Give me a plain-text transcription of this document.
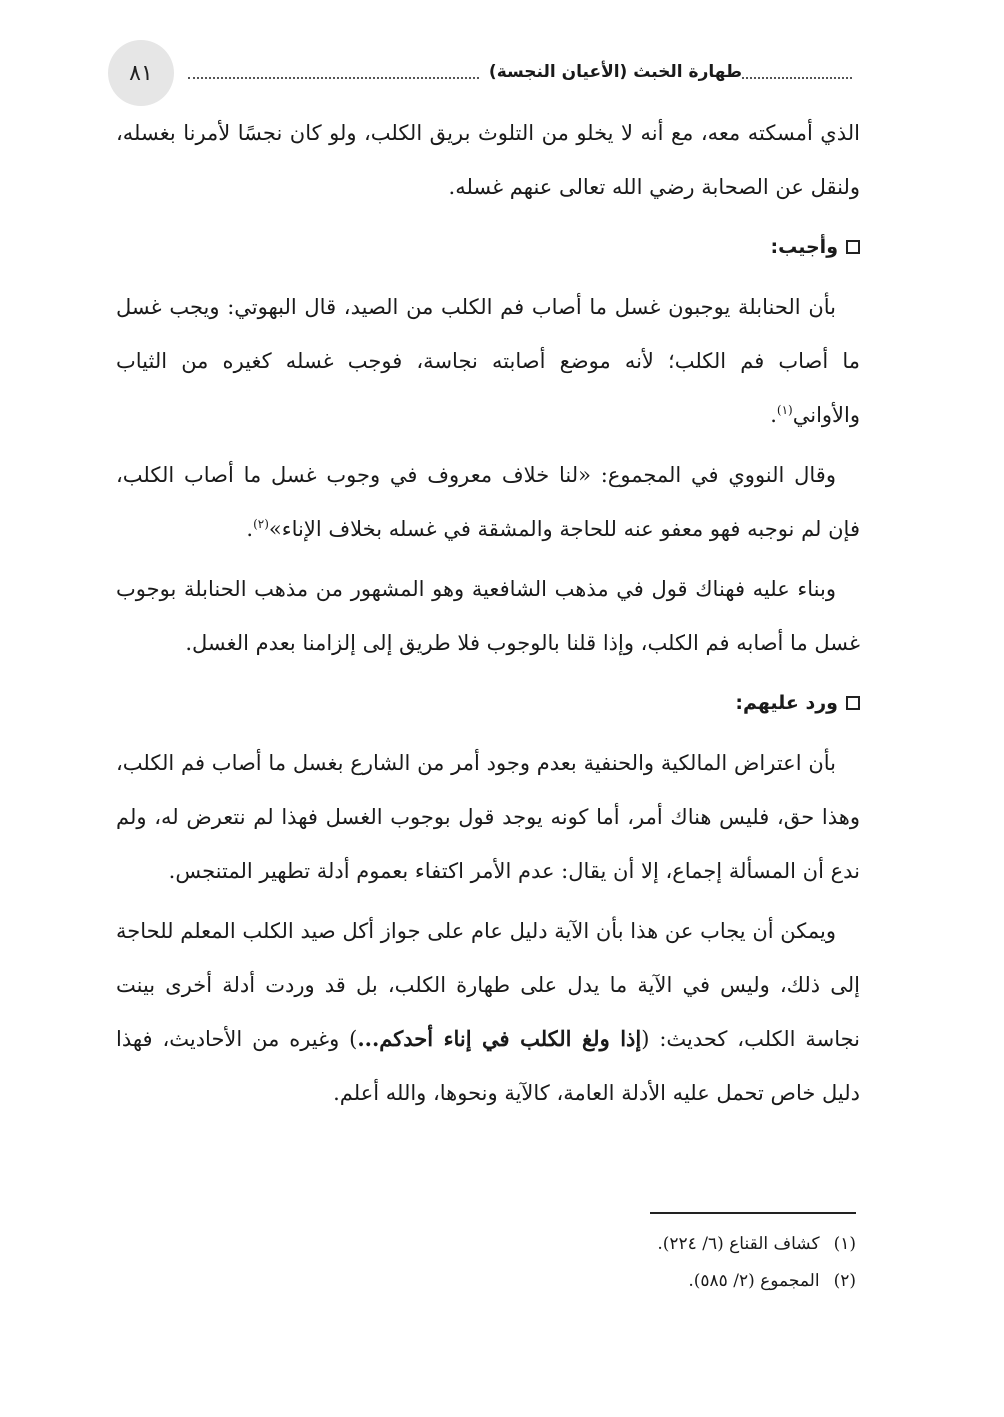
٨١	طهارة الخبث (الأعيان النجسة)

الذي أمسكته معه، مع أنه لا يخلو من التلوث بريق الكلب، ولو كان نجسًا لأمرنا بغسله، ولنقل عن الصحابة رضي الله تعالى عنهم غسله.

وأجيب:

بأن الحنابلة يوجبون غسل ما أصاب فم الكلب من الصيد، قال البهوتي: ويجب غسل ما أصاب فم الكلب؛ لأنه موضع أصابته نجاسة، فوجب غسله كغيره من الثياب والأواني$^{(١)}$.

وقال النووي في المجموع: «لنا خلاف معروف في وجوب غسل ما أصاب الكلب، فإن لم نوجبه فهو معفو عنه للحاجة والمشقة في غسله بخلاف الإناء»$^{(٢)}$.

وبناء عليه فهناك قول في مذهب الشافعية وهو المشهور من مذهب الحنابلة بوجوب غسل ما أصابه فم الكلب، وإذا قلنا بالوجوب فلا طريق إلى إلزامنا بعدم الغسل.

ورد عليهم:

بأن اعتراض المالكية والحنفية بعدم وجود أمر من الشارع بغسل ما أصاب فم الكلب، وهذا حق، فليس هناك أمر، أما كونه يوجد قول بوجوب الغسل فهذا لم نتعرض له، ولم ندع أن المسألة إجماع، إلا أن يقال: عدم الأمر اكتفاء بعموم أدلة تطهير المتنجس.

ويمكن أن يجاب عن هذا بأن الآية دليل عام على جواز أكل صيد الكلب المعلم للحاجة إلى ذلك، وليس في الآية ما يدل على طهارة الكلب، بل قد وردت أدلة أخرى بينت نجاسة الكلب، كحديث: (إذا ولغ الكلب في إناء أحدكم...) وغيره من الأحاديث، فهذا دليل خاص تحمل عليه الأدلة العامة، كالآية ونحوها، والله أعلم.

(١)
كشاف القناع (٦/ ٢٢٤).
(٢)
المجموع (٢/ ٥٨٥).
